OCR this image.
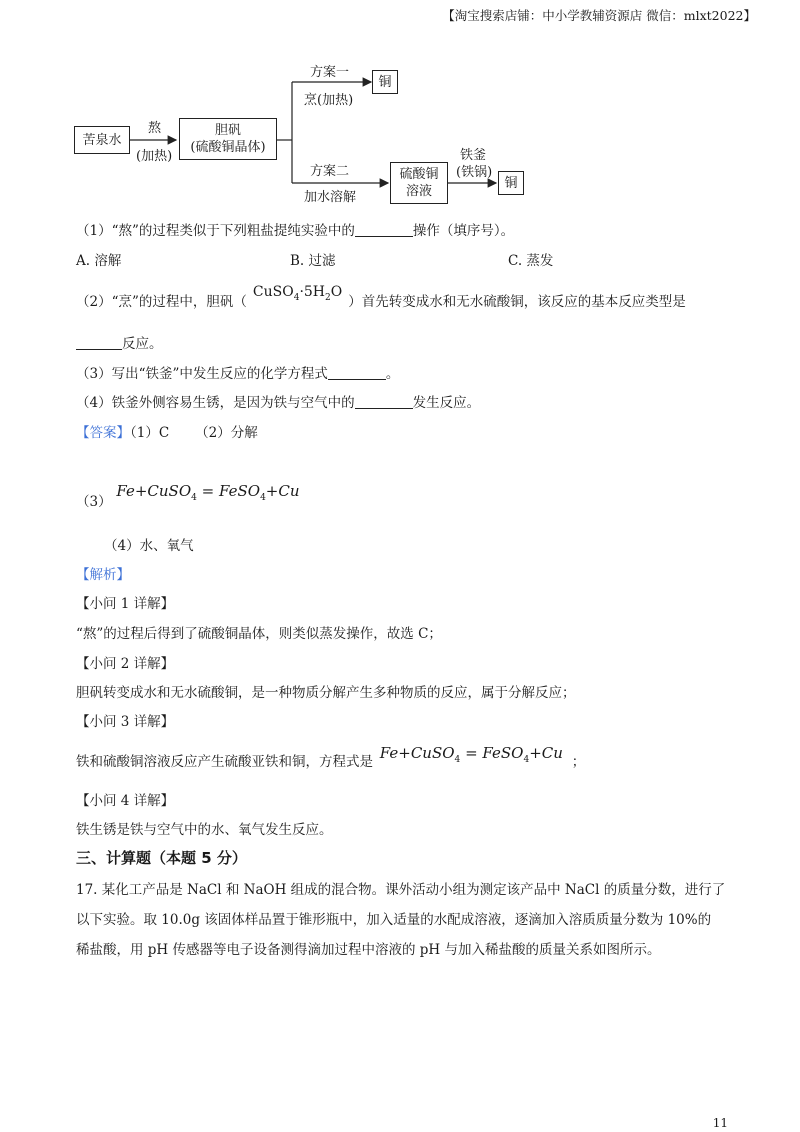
【淘宝搜索店铺：中小学教辅资源店 微信：mlxt2022】
苦泉水
熬
(加热)
胆矾
(硫酸铜晶体)
方案一
烹(加热)
铜
方案二
加水溶解
硫酸铜
溶液
铁釜
(铁锅)
铜
（1）“熬”的过程类似于下列粗盐提纯实验中的	操作（填序号）。
A. 溶解	B. 过滤	C. 蒸发
（2）“烹”的过程中，胆矾$(CuSO_4\cdot 5H_2O)$首先转变成水和无水硫酸铜，该反应的基本反应类型是
反应。
（3）写出“铁釜”中发生反应的化学方程式	。
（4）铁釜外侧容易生锈，是因为铁与空气中的	发生反应。
【答案】（1）C （2）分解
（3） Fe+CuSO$_4$ = FeSO$_4$+Cu
（4）水、氧气
【解析】
【小问 1 详解】
“熬”的过程后得到了硫酸铜晶体，则类似蒸发操作，故选 C；
【小问 2 详解】
胆矾转变成水和无水硫酸铜，是一种物质分解产生多种物质的反应，属于分解反应；
【小问 3 详解】
铁和硫酸铜溶液反应产生硫酸亚铁和铜，方程式是 Fe+CuSO$_4$ = FeSO$_4$+Cu ；
【小问 4 详解】
铁生锈是铁与空气中的水、氧气发生反应。
三、计算题（本题 5 分）
17. 某化工产品是 NaCl 和 NaOH 组成的混合物。课外活动小组为测定该产品中 NaCl 的质量分数，进行了
以下实验。取 10.0g 该固体样品置于锥形瓶中，加入适量的水配成溶液，逐滴加入溶质质量分数为 10%的
稀盐酸，用 pH 传感器等电子设备测得滴加过程中溶液的 pH 与加入稀盐酸的质量关系如图所示。
11
